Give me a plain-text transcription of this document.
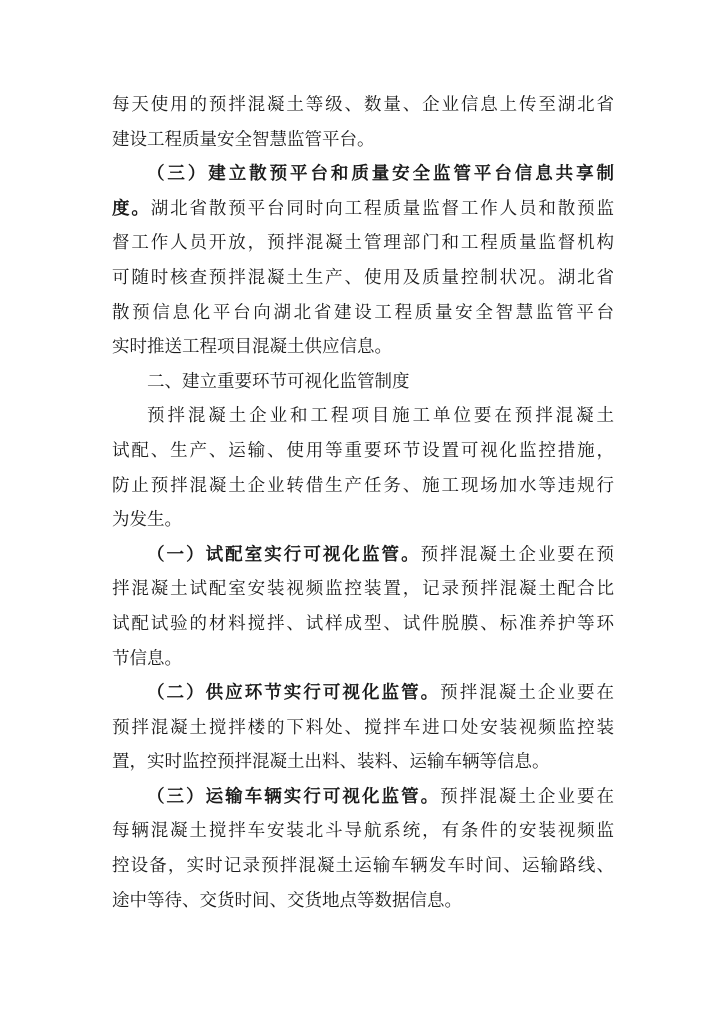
每天使用的预拌混凝土等级、数量、企业信息上传至湖北省
建设工程质量安全智慧监管平台。
（三）建立散预平台和质量安全监管平台信息共享制
度。湖北省散预平台同时向工程质量监督工作人员和散预监
督工作人员开放，预拌混凝土管理部门和工程质量监督机构
可随时核查预拌混凝土生产、使用及质量控制状况。湖北省
散预信息化平台向湖北省建设工程质量安全智慧监管平台
实时推送工程项目混凝土供应信息。
二、建立重要环节可视化监管制度
预拌混凝土企业和工程项目施工单位要在预拌混凝土
试配、生产、运输、使用等重要环节设置可视化监控措施，
防止预拌混凝土企业转借生产任务、施工现场加水等违规行
为发生。
（一）试配室实行可视化监管。预拌混凝土企业要在预
拌混凝土试配室安装视频监控装置，记录预拌混凝土配合比
试配试验的材料搅拌、试样成型、试件脱膜、标准养护等环
节信息。
（二）供应环节实行可视化监管。预拌混凝土企业要在
预拌混凝土搅拌楼的下料处、搅拌车进口处安装视频监控装
置，实时监控预拌混凝土出料、装料、运输车辆等信息。
（三）运输车辆实行可视化监管。预拌混凝土企业要在
每辆混凝土搅拌车安装北斗导航系统，有条件的安装视频监
控设备，实时记录预拌混凝土运输车辆发车时间、运输路线、
途中等待、交货时间、交货地点等数据信息。
